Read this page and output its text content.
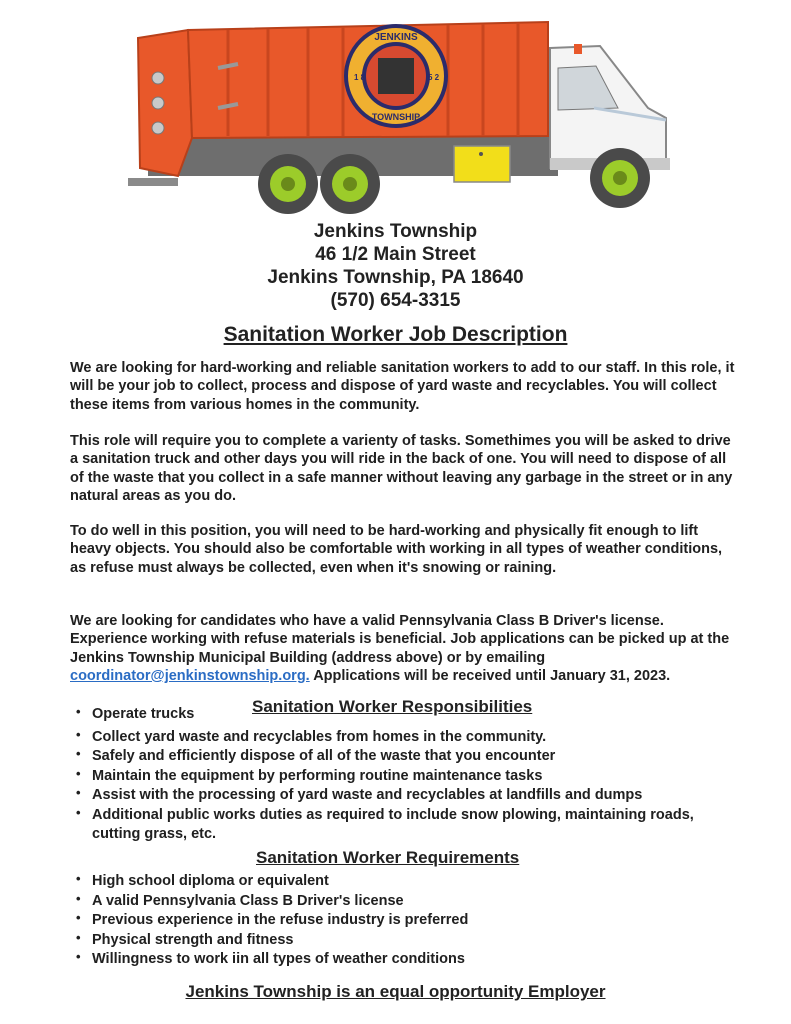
JENKINS
TOWNSHIP
1 8	5 2
Jenkins Township
46 1/2 Main Street
Jenkins Township, PA 18640
(570) 654-3315
Sanitation Worker Job Description

We are looking for hard-working and reliable sanitation workers to add to our staff. In this role, it will be your job to collect, process and dispose of yard waste and recyclables. You will collect these items from various homes in the community.

This role will require you to complete a varienty of tasks. Somethimes you will be asked to drive a sanitation truck and other days you will ride in the back of one. You will need to dispose of all of the waste that you collect in a safe manner without leaving any garbage in the street or in any natural areas as you do.

To do well in this position, you will need to be hard-working and physically fit enough to lift heavy objects. You should also be comfortable with working in all types of weather conditions, as refuse must always be collected, even when it's snowing or raining.

We are looking for candidates who have a valid Pennsylvania Class B Driver's license. Experience working with refuse materials is beneficial. Job applications can be picked up at the Jenkins Township Municipal Building (address above) or by emailing coordinator@jenkinstownship.org. Applications will be received until January 31, 2023.

Sanitation Worker Responsibilities
• Operate trucks
• Collect yard waste and recyclables from homes in the community.
• Safely and efficiently dispose of all of the waste that you encounter
• Maintain the equipment by performing routine maintenance tasks
• Assist with the processing of yard waste and recyclables at landfills and dumps
• Additional public works duties as required to include snow plowing, maintaining roads, cutting grass, etc.
Sanitation Worker Requirements
• High school diploma or equivalent
• A valid Pennsylvania Class B Driver's license
• Previous experience in the refuse industry is preferred
• Physical strength and fitness
• Willingness to work iin all types of weather conditions
Jenkins Township is an equal opportunity Employer
